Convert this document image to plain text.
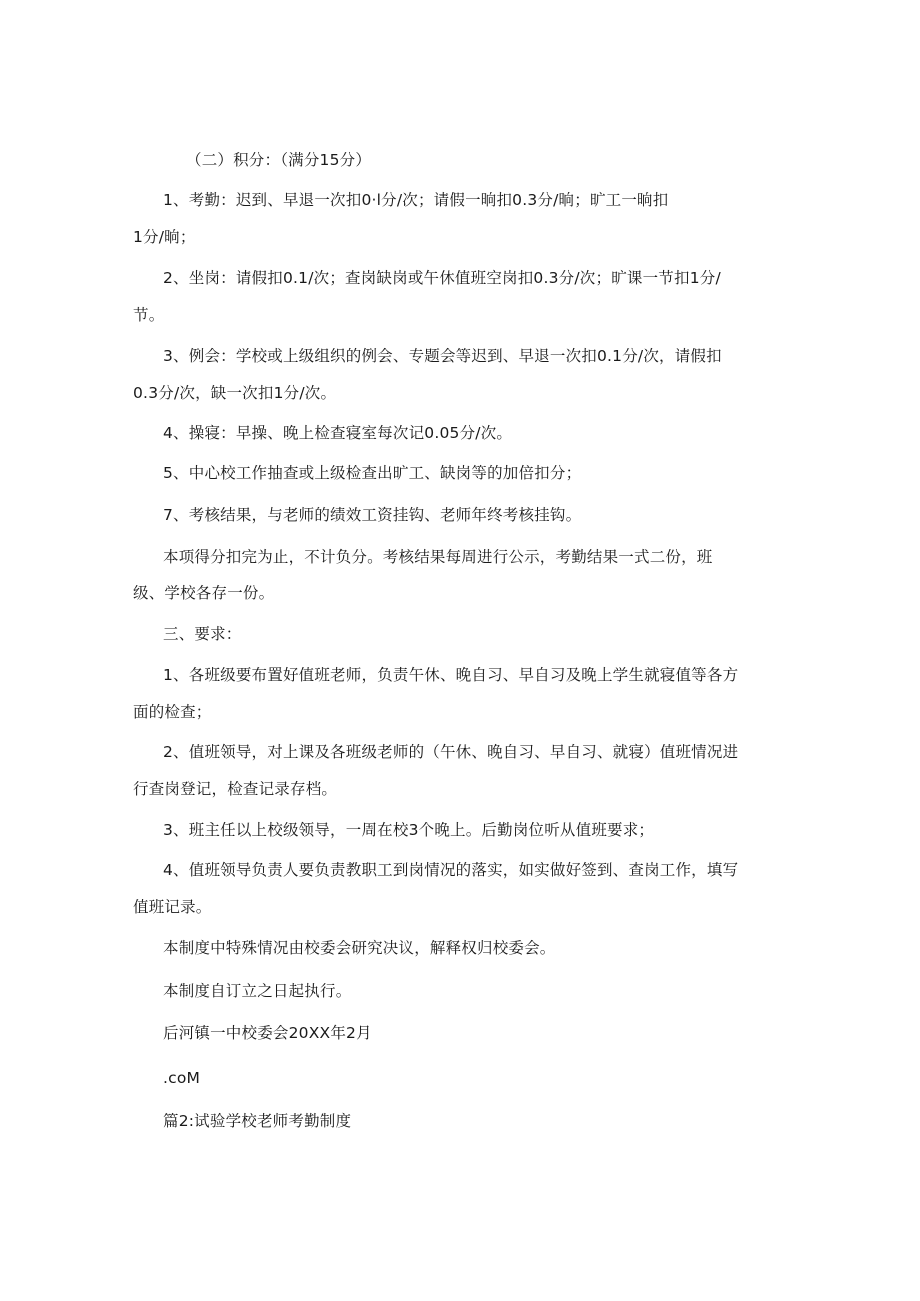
（二）积分：（满分15分）
1、考勤：迟到、早退一次扣0·l分/次；请假一晌扣0.3分/晌；旷工一晌扣
1分/晌；
2、坐岗：请假扣0.1/次；查岗缺岗或午休值班空岗扣0.3分/次；旷课一节扣1分/
节。
3、例会：学校或上级组织的例会、专题会等迟到、早退一次扣0.1分/次，请假扣
0.3分/次，缺一次扣1分/次。
4、操寝：早操、晚上检查寝室每次记0.05分/次。
5、中心校工作抽查或上级检查出旷工、缺岗等的加倍扣分；
7、考核结果，与老师的绩效工资挂钩、老师年终考核挂钩。
本项得分扣完为止，不计负分。考核结果每周进行公示，考勤结果一式二份，班
级、学校各存一份。
三、要求：
1、各班级要布置好值班老师，负责午休、晚自习、早自习及晚上学生就寝值等各方
面的检查；
2、值班领导，对上课及各班级老师的（午休、晚自习、早自习、就寝）值班情况进
行查岗登记，检查记录存档。
3、班主任以上校级领导，一周在校3个晚上。后勤岗位听从值班要求；
4、值班领导负责人要负责教职工到岗情况的落实，如实做好签到、查岗工作，填写
值班记录。
本制度中特殊情况由校委会研究决议，解释权归校委会。
本制度自订立之日起执行。
后河镇一中校委会20XX年2月
.coM
篇2:试验学校老师考勤制度
